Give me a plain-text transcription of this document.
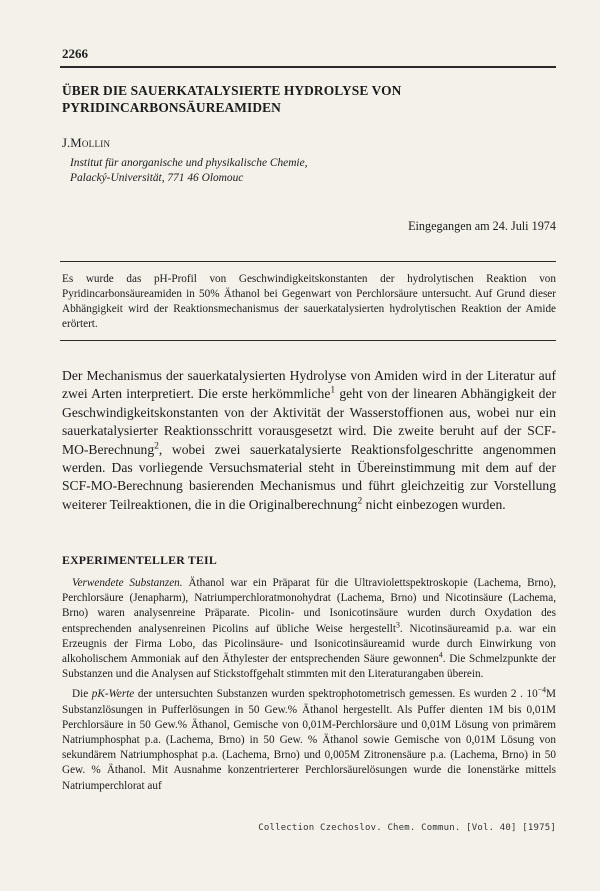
2266
ÜBER DIE SAUERKATALYSIERTE HYDROLYSE VON
PYRIDINCARBONSÄUREAMIDEN
J.Mollin
Institut für anorganische und physikalische Chemie,
Palacký-Universität, 771 46 Olomouc
Eingegangen am 24. Juli 1974
Es wurde das pH-Profil von Geschwindigkeitskonstanten der hydrolytischen Reaktion von Pyridincarbonsäureamiden in 50% Äthanol bei Gegenwart von Perchlorsäure untersucht. Auf Grund dieser Abhängigkeit wird der Reaktionsmechanismus der sauerkatalysierten hydrolytischen Reaktion der Amide erörtert.

Der Mechanismus der sauerkatalysierten Hydrolyse von Amiden wird in der Literatur auf zwei Arten interpretiert. Die erste herkömmliche$^1$ geht von der linearen Abhängigkeit der Geschwindigkeitskonstanten von der Aktivität der Wasserstoffionen aus, wobei nur ein sauerkatalysierter Reaktionsschritt vorausgesetzt wird. Die zweite beruht auf der SCF-MO-Berechnung$^2$, wobei zwei sauerkatalysierte Reaktionsfolgeschritte angenommen werden. Das vorliegende Versuchsmaterial steht in Übereinstimmung mit dem auf der SCF-MO-Berechnung basierenden Mechanismus und führt gleichzeitig zur Vorstellung weiterer Teilreaktionen, die in die Originalberechnung$^2$ nicht einbezogen wurden.

EXPERIMENTELLER TEIL

Verwendete Substanzen. Äthanol war ein Präparat für die Ultraviolettspektroskopie (Lachema, Brno), Perchlorsäure (Jenapharm), Natriumperchloratmonohydrat (Lachema, Brno) und Nicotinsäure (Lachema, Brno) waren analysenreine Präparate. Picolin- und Isonicotinsäure wurden durch Oxydation des entsprechenden analysenreinen Picolins auf übliche Weise hergestellt$^3$. Nicotinsäureamid p.a. war ein Erzeugnis der Firma Lobo, das Picolinsäure- und Isonicotinsäureamid wurde durch Einwirkung von alkoholischem Ammoniak auf den Äthylester der entsprechenden Säure gewonnen$^4$. Die Schmelzpunkte der Substanzen und die Analysen auf Stickstoffgehalt stimmten mit den Literaturangaben überein.

Die pK-Werte der untersuchten Substanzen wurden spektrophotometrisch gemessen. Es wurden 2 . $10^{-4}M$ Substanzlösungen in Pufferlösungen in 50 Gew.% Äthanol hergestellt. Als Puffer dienten 1M bis 0,01M Perchlorsäure in 50 Gew.% Äthanol, Gemische von 0,01M-Perchlorsäure und 0,01M Lösung von primärem Natriumphosphat p.a. (Lachema, Brno) in 50 Gew. % Äthanol sowie Gemische von 0,01M Lösung von sekundärem Natriumphosphat p.a. (Lachema, Brno) und 0,005M Zitronensäure p.a. (Lachema, Brno) in 50 Gew. % Äthanol. Mit Ausnahme konzentrierterer Perchlorsäurelösungen wurde die Ionenstärke mittels Natriumperchlorat auf

Collection Czechoslov. Chem. Commun. [Vol. 40] [1975]
